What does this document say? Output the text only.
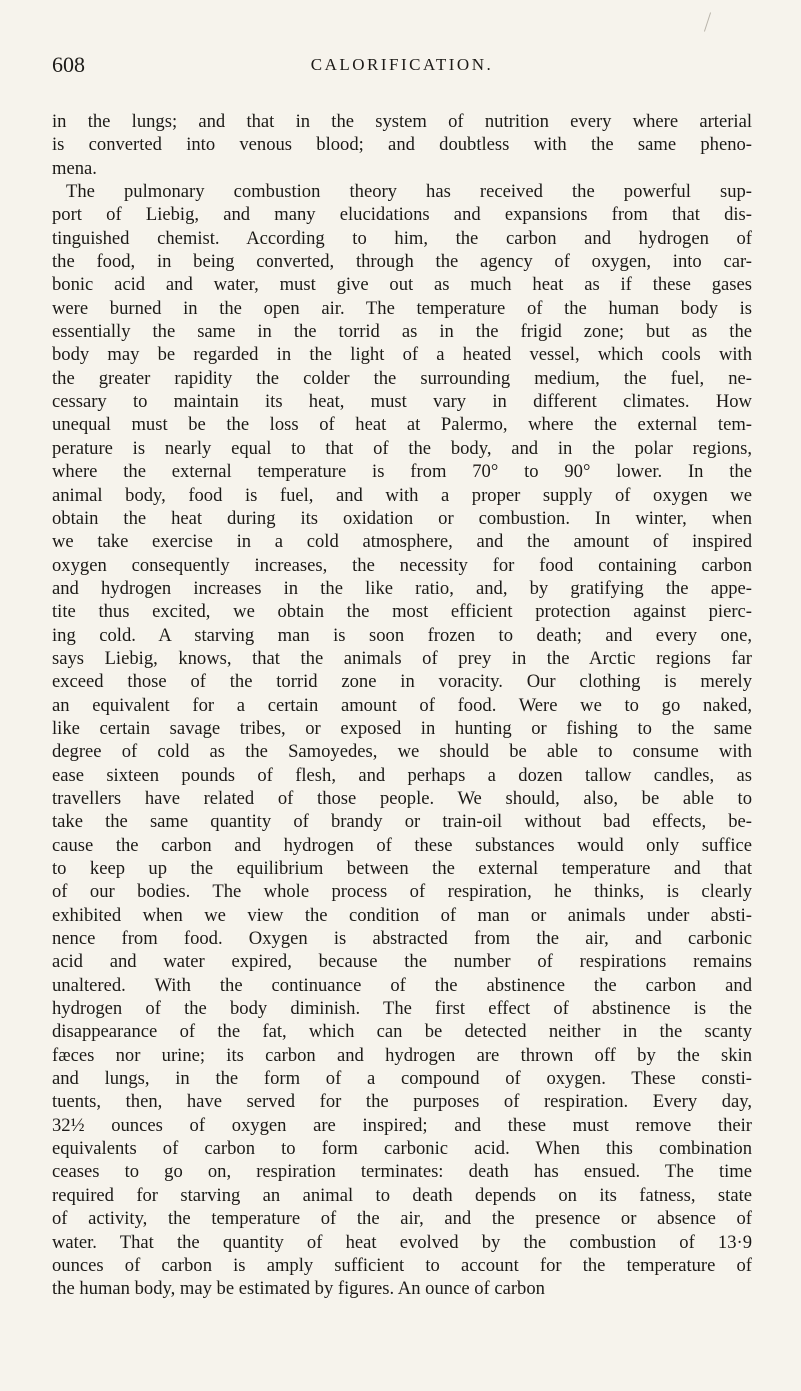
608	CALORIFICATION.
in the lungs; and that in the system of nutrition every where arterial
is converted into venous blood; and doubtless with the same pheno-
mena.
The pulmonary combustion theory has received the powerful sup-
port of Liebig, and many elucidations and expansions from that dis-
tinguished chemist. According to him, the carbon and hydrogen of
the food, in being converted, through the agency of oxygen, into car-
bonic acid and water, must give out as much heat as if these gases
were burned in the open air. The temperature of the human body is
essentially the same in the torrid as in the frigid zone; but as the
body may be regarded in the light of a heated vessel, which cools with
the greater rapidity the colder the surrounding medium, the fuel, ne-
cessary to maintain its heat, must vary in different climates. How
unequal must be the loss of heat at Palermo, where the external tem-
perature is nearly equal to that of the body, and in the polar regions,
where the external temperature is from 70° to 90° lower. In the
animal body, food is fuel, and with a proper supply of oxygen we
obtain the heat during its oxidation or combustion. In winter, when
we take exercise in a cold atmosphere, and the amount of inspired
oxygen consequently increases, the necessity for food containing carbon
and hydrogen increases in the like ratio, and, by gratifying the appe-
tite thus excited, we obtain the most efficient protection against pierc-
ing cold. A starving man is soon frozen to death; and every one,
says Liebig, knows, that the animals of prey in the Arctic regions far
exceed those of the torrid zone in voracity. Our clothing is merely
an equivalent for a certain amount of food. Were we to go naked,
like certain savage tribes, or exposed in hunting or fishing to the same
degree of cold as the Samoyedes, we should be able to consume with
ease sixteen pounds of flesh, and perhaps a dozen tallow candles, as
travellers have related of those people. We should, also, be able to
take the same quantity of brandy or train-oil without bad effects, be-
cause the carbon and hydrogen of these substances would only suffice
to keep up the equilibrium between the external temperature and that
of our bodies. The whole process of respiration, he thinks, is clearly
exhibited when we view the condition of man or animals under absti-
nence from food. Oxygen is abstracted from the air, and carbonic
acid and water expired, because the number of respirations remains
unaltered. With the continuance of the abstinence the carbon and
hydrogen of the body diminish. The first effect of abstinence is the
disappearance of the fat, which can be detected neither in the scanty
fæces nor urine; its carbon and hydrogen are thrown off by the skin
and lungs, in the form of a compound of oxygen. These consti-
tuents, then, have served for the purposes of respiration. Every day,
32½ ounces of oxygen are inspired; and these must remove their
equivalents of carbon to form carbonic acid. When this combination
ceases to go on, respiration terminates: death has ensued. The time
required for starving an animal to death depends on its fatness, state
of activity, the temperature of the air, and the presence or absence of
water. That the quantity of heat evolved by the combustion of 13·9
ounces of carbon is amply sufficient to account for the temperature of
the human body, may be estimated by figures. An ounce of carbon
